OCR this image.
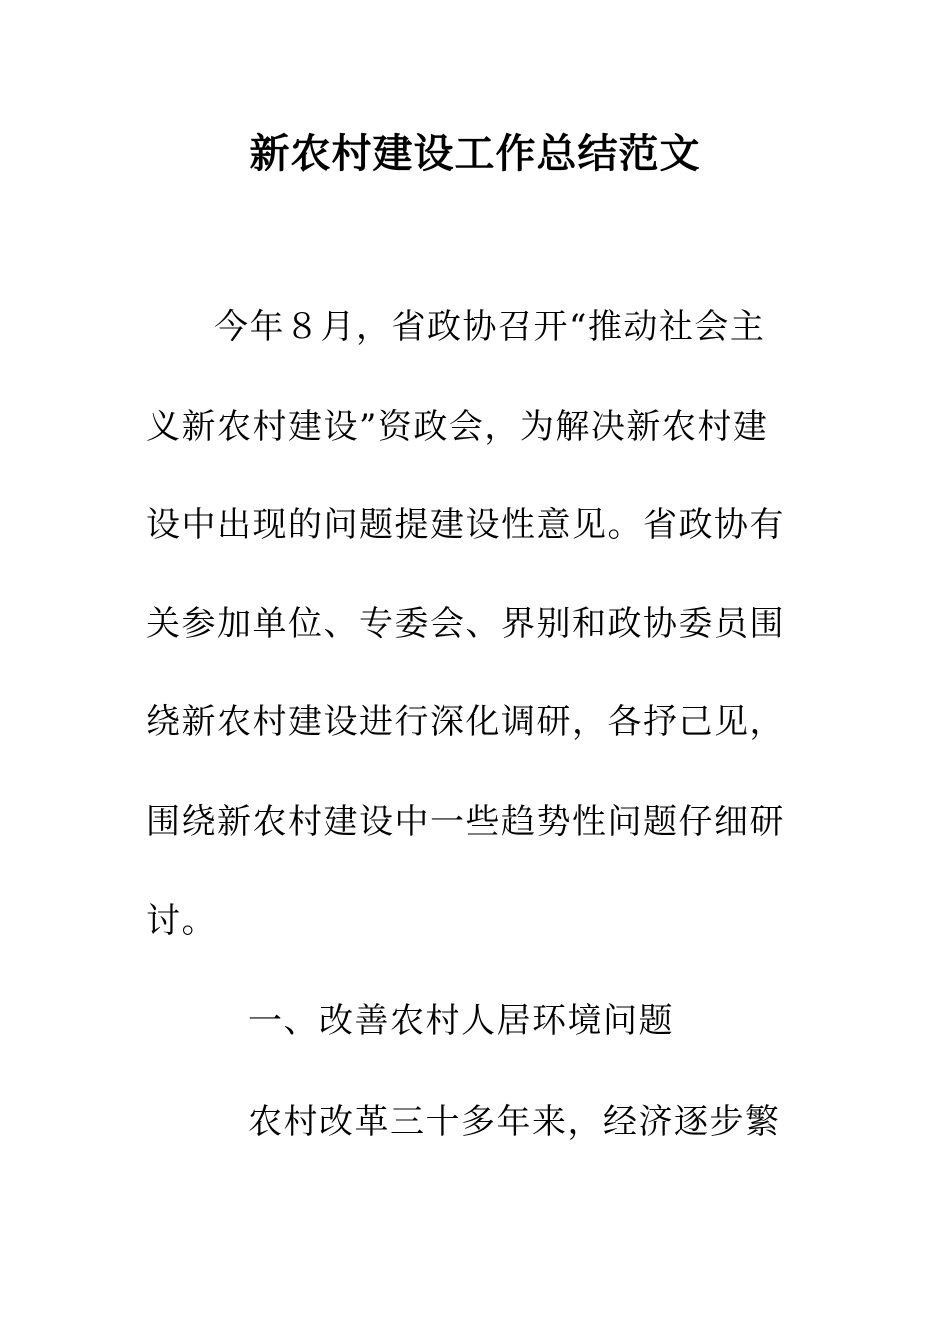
新农村建设工作总结范文
今年８月，省政协召开“推动社会主
义新农村建设”资政会，为解决新农村建
设中出现的问题提建设性意见。省政协有
关参加单位、专委会、界别和政协委员围
绕新农村建设进行深化调研，各抒己见，
围绕新农村建设中一些趋势性问题仔细研
讨。
一、改善农村人居环境问题
农村改革三十多年来，经济逐步繁
